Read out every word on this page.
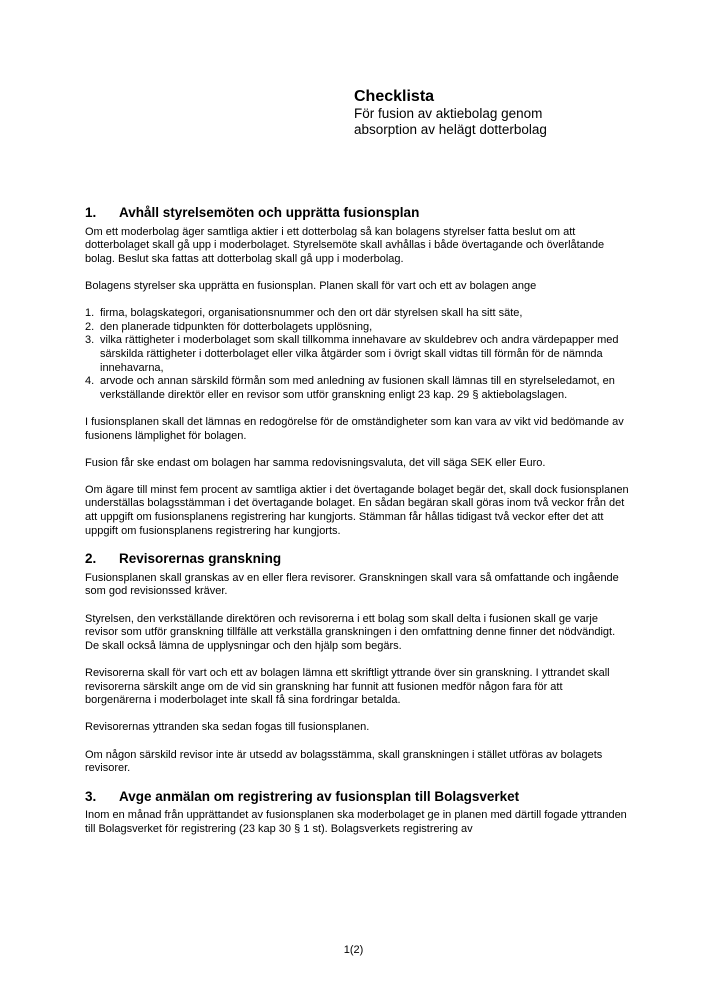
Checklista
För fusion av aktiebolag genom
absorption av helägt dotterbolag
1.	Avhåll styrelsemöten och upprätta fusionsplan

Om ett moderbolag äger samtliga aktier i ett dotterbolag så kan bolagens styrelser fatta beslut om att dotterbolaget skall gå upp i moderbolaget. Styrelsemöte skall avhållas i både övertagande och överlåtande bolag. Beslut ska fattas att dotterbolag skall gå upp i moderbolag.

Bolagens styrelser ska upprätta en fusionsplan. Planen skall för vart och ett av bolagen ange

1. firma, bolagskategori, organisationsnummer och den ort där styrelsen skall ha sitt säte,
2. den planerade tidpunkten för dotterbolagets upplösning,
3. vilka rättigheter i moderbolaget som skall tillkomma innehavare av skuldebrev och andra värdepapper med särskilda rättigheter i dotterbolaget eller vilka åtgärder som i övrigt skall vidtas till förmån för de nämnda innehavarna,
4. arvode och annan särskild förmån som med anledning av fusionen skall lämnas till en styrelseledamot, en verkställande direktör eller en revisor som utför granskning enligt 23 kap. 29 § aktiebolagslagen.

I fusionsplanen skall det lämnas en redogörelse för de omständigheter som kan vara av vikt vid bedömande av fusionens lämplighet för bolagen.

Fusion får ske endast om bolagen har samma redovisningsvaluta, det vill säga SEK eller Euro.

Om ägare till minst fem procent av samtliga aktier i det övertagande bolaget begär det, skall dock fusionsplanen underställas bolagsstämman i det övertagande bolaget. En sådan begäran skall göras inom två veckor från det att uppgift om fusionsplanens registrering har kungjorts. Stämman får hållas tidigast två veckor efter det att uppgift om fusionsplanens registrering har kungjorts.

2.	Revisorernas granskning

Fusionsplanen skall granskas av en eller flera revisorer. Granskningen skall vara så omfattande och ingående som god revisionssed kräver.

Styrelsen, den verkställande direktören och revisorerna i ett bolag som skall delta i fusionen skall ge varje revisor som utför granskning tillfälle att verkställa granskningen i den omfattning denne finner det nödvändigt. De skall också lämna de upplysningar och den hjälp som begärs.

Revisorerna skall för vart och ett av bolagen lämna ett skriftligt yttrande över sin granskning. I yttrandet skall revisorerna särskilt ange om de vid sin granskning har funnit att fusionen medför någon fara för att borgenärerna i moderbolaget inte skall få sina fordringar betalda.

Revisorernas yttranden ska sedan fogas till fusionsplanen.

Om någon särskild revisor inte är utsedd av bolagsstämma, skall granskningen i stället utföras av bolagets revisorer.

3.	Avge anmälan om registrering av fusionsplan till Bolagsverket

Inom en månad från upprättandet av fusionsplanen ska moderbolaget ge in planen med därtill fogade yttranden till Bolagsverket för registrering (23 kap 30 § 1 st). Bolagsverkets registrering av

1(2)
